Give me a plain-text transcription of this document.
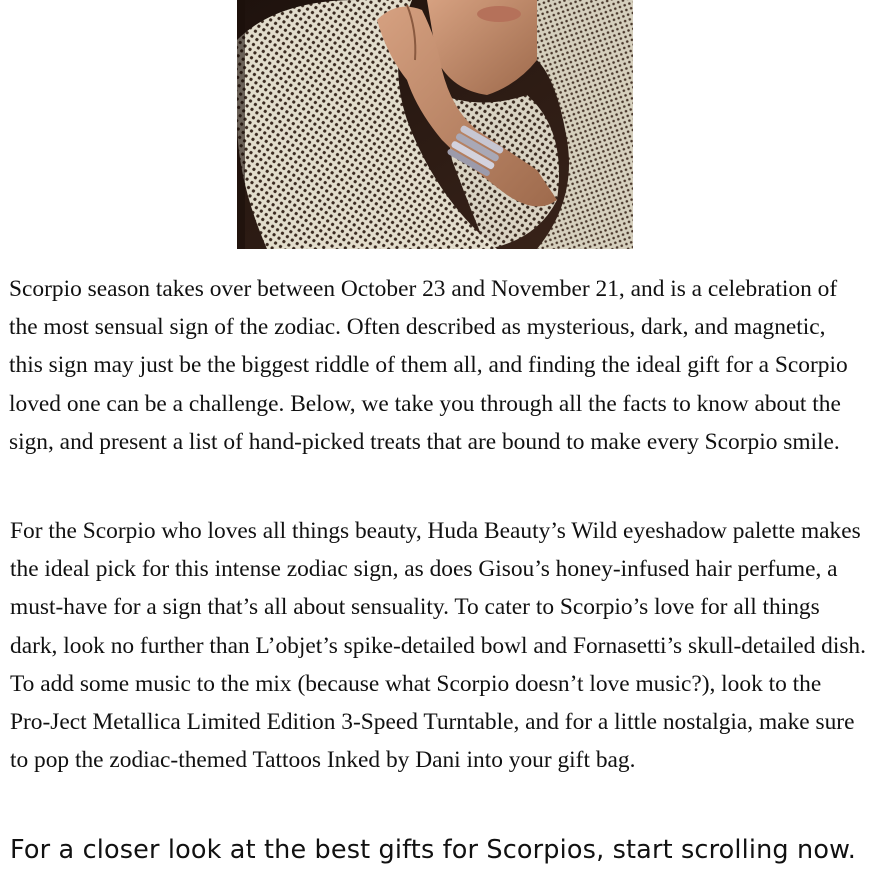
Scorpio season takes over between October 23 and November 21, and is a celebration of the most sensual sign of the zodiac. Often described as mysterious, dark, and magnetic, this sign may just be the biggest riddle of them all, and finding the ideal gift for a Scorpio loved one can be a challenge. Below, we take you through all the facts to know about the sign, and present a list of hand-picked treats that are bound to make every Scorpio smile.

For the Scorpio who loves all things beauty, Huda Beauty’s Wild eyeshadow palette makes the ideal pick for this intense zodiac sign, as does Gisou’s honey-infused hair perfume, a must-have for a sign that’s all about sensuality. To cater to Scorpio’s love for all things dark, look no further than L’objet’s spike-detailed bowl and Fornasetti’s skull-detailed dish. To add some music to the mix (because what Scorpio doesn’t love music?), look to the Pro-Ject Metallica Limited Edition 3-Speed Turntable, and for a little nostalgia, make sure to pop the zodiac-themed Tattoos Inked by Dani into your gift bag.

For a closer look at the best gifts for Scorpios, start scrolling now.
